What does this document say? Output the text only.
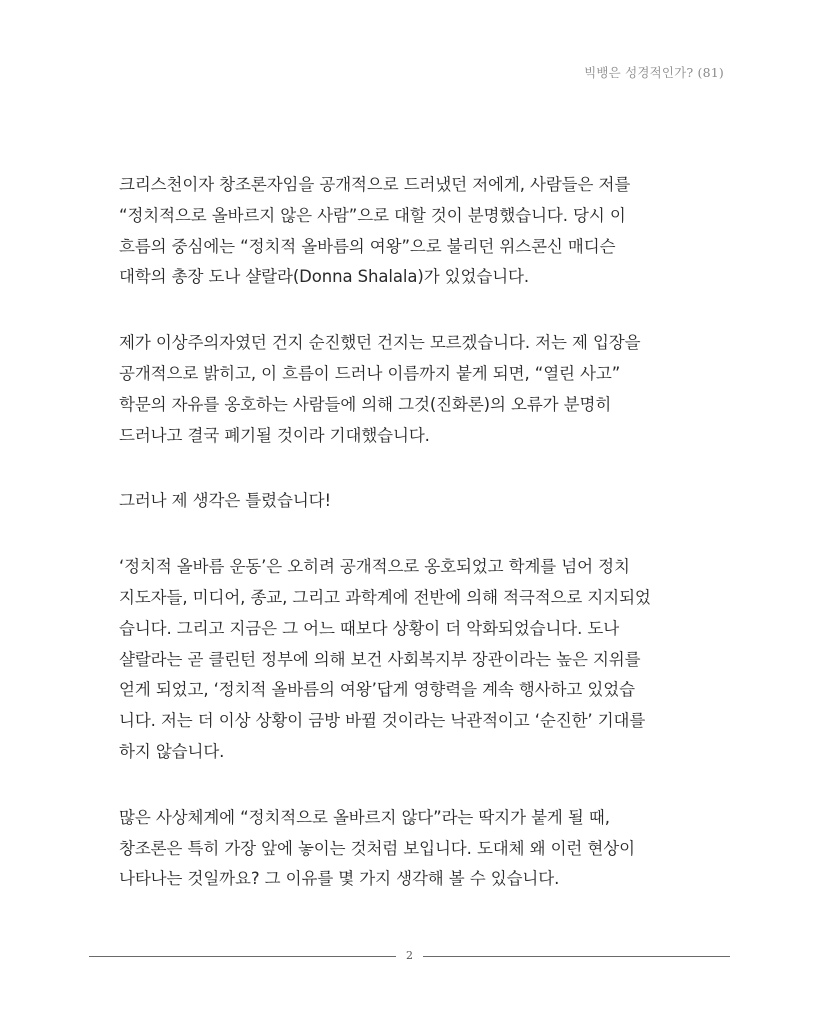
빅뱅은 성경적인가? (81)

크리스천이자 창조론자임을 공개적으로 드러냈던 저에게, 사람들은 저를
“정치적으로 올바르지 않은 사람”으로 대할 것이 분명했습니다. 당시 이
흐름의 중심에는 “정치적 올바름의 여왕”으로 불리던 위스콘신 매디슨
대학의 총장 도나 샬랄라(Donna Shalala)가 있었습니다.

제가 이상주의자였던 건지 순진했던 건지는 모르겠습니다. 저는 제 입장을
공개적으로 밝히고, 이 흐름이 드러나 이름까지 붙게 되면, “열린 사고”
학문의 자유를 옹호하는 사람들에 의해 그것(진화론)의 오류가 분명히
드러나고 결국 폐기될 것이라 기대했습니다.

그러나 제 생각은 틀렸습니다!

‘정치적 올바름 운동’은 오히려 공개적으로 옹호되었고 학계를 넘어 정치
지도자들, 미디어, 종교, 그리고 과학계에 전반에 의해 적극적으로 지지되었
습니다. 그리고 지금은 그 어느 때보다 상황이 더 악화되었습니다. 도나
샬랄라는 곧 클린턴 정부에 의해 보건 사회복지부 장관이라는 높은 지위를
얻게 되었고, ‘정치적 올바름의 여왕’답게 영향력을 계속 행사하고 있었습
니다. 저는 더 이상 상황이 금방 바뀔 것이라는 낙관적이고 ‘순진한’ 기대를
하지 않습니다.

많은 사상체계에 “정치적으로 올바르지 않다”라는 딱지가 붙게 될 때,
창조론은 특히 가장 앞에 놓이는 것처럼 보입니다. 도대체 왜 이런 현상이
나타나는 것일까요? 그 이유를 몇 가지 생각해 볼 수 있습니다.

2
